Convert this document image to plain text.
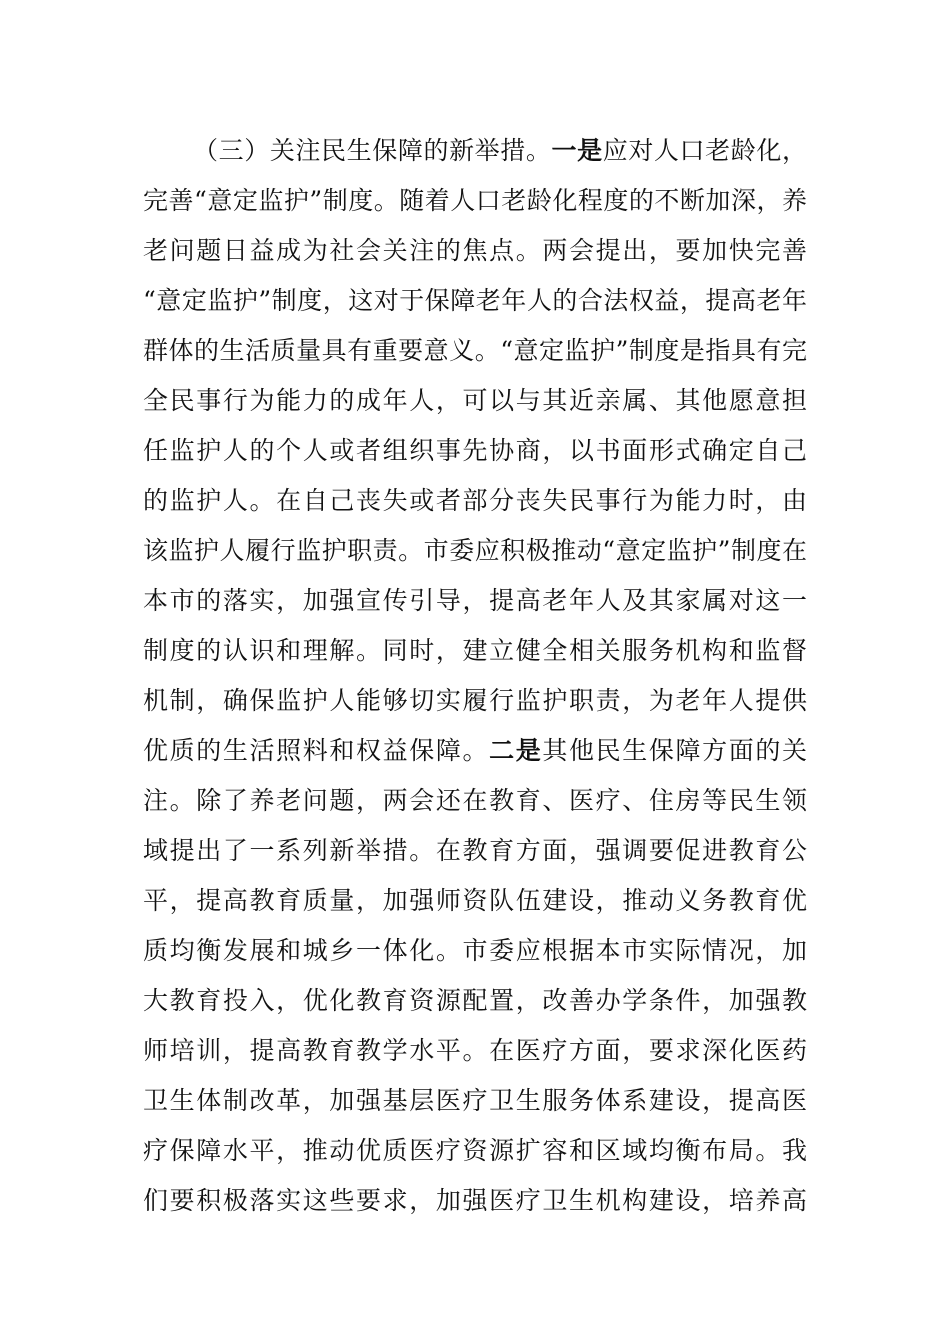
（三）关注民生保障的新举措。一是应对人口老龄化，
完善“意定监护”制度。随着人口老龄化程度的不断加深，养
老问题日益成为社会关注的焦点。两会提出，要加快完善
“意定监护”制度，这对于保障老年人的合法权益，提高老年
群体的生活质量具有重要意义。“意定监护”制度是指具有完
全民事行为能力的成年人，可以与其近亲属、其他愿意担
任监护人的个人或者组织事先协商，以书面形式确定自己
的监护人。在自己丧失或者部分丧失民事行为能力时，由
该监护人履行监护职责。市委应积极推动“意定监护”制度在
本市的落实，加强宣传引导，提高老年人及其家属对这一
制度的认识和理解。同时，建立健全相关服务机构和监督
机制，确保监护人能够切实履行监护职责，为老年人提供
优质的生活照料和权益保障。二是其他民生保障方面的关
注。除了养老问题，两会还在教育、医疗、住房等民生领
域提出了一系列新举措。在教育方面，强调要促进教育公
平，提高教育质量，加强师资队伍建设，推动义务教育优
质均衡发展和城乡一体化。市委应根据本市实际情况，加
大教育投入，优化教育资源配置，改善办学条件，加强教
师培训，提高教育教学水平。在医疗方面，要求深化医药
卫生体制改革，加强基层医疗卫生服务体系建设，提高医
疗保障水平，推动优质医疗资源扩容和区域均衡布局。我
们要积极落实这些要求，加强医疗卫生机构建设，培养高
